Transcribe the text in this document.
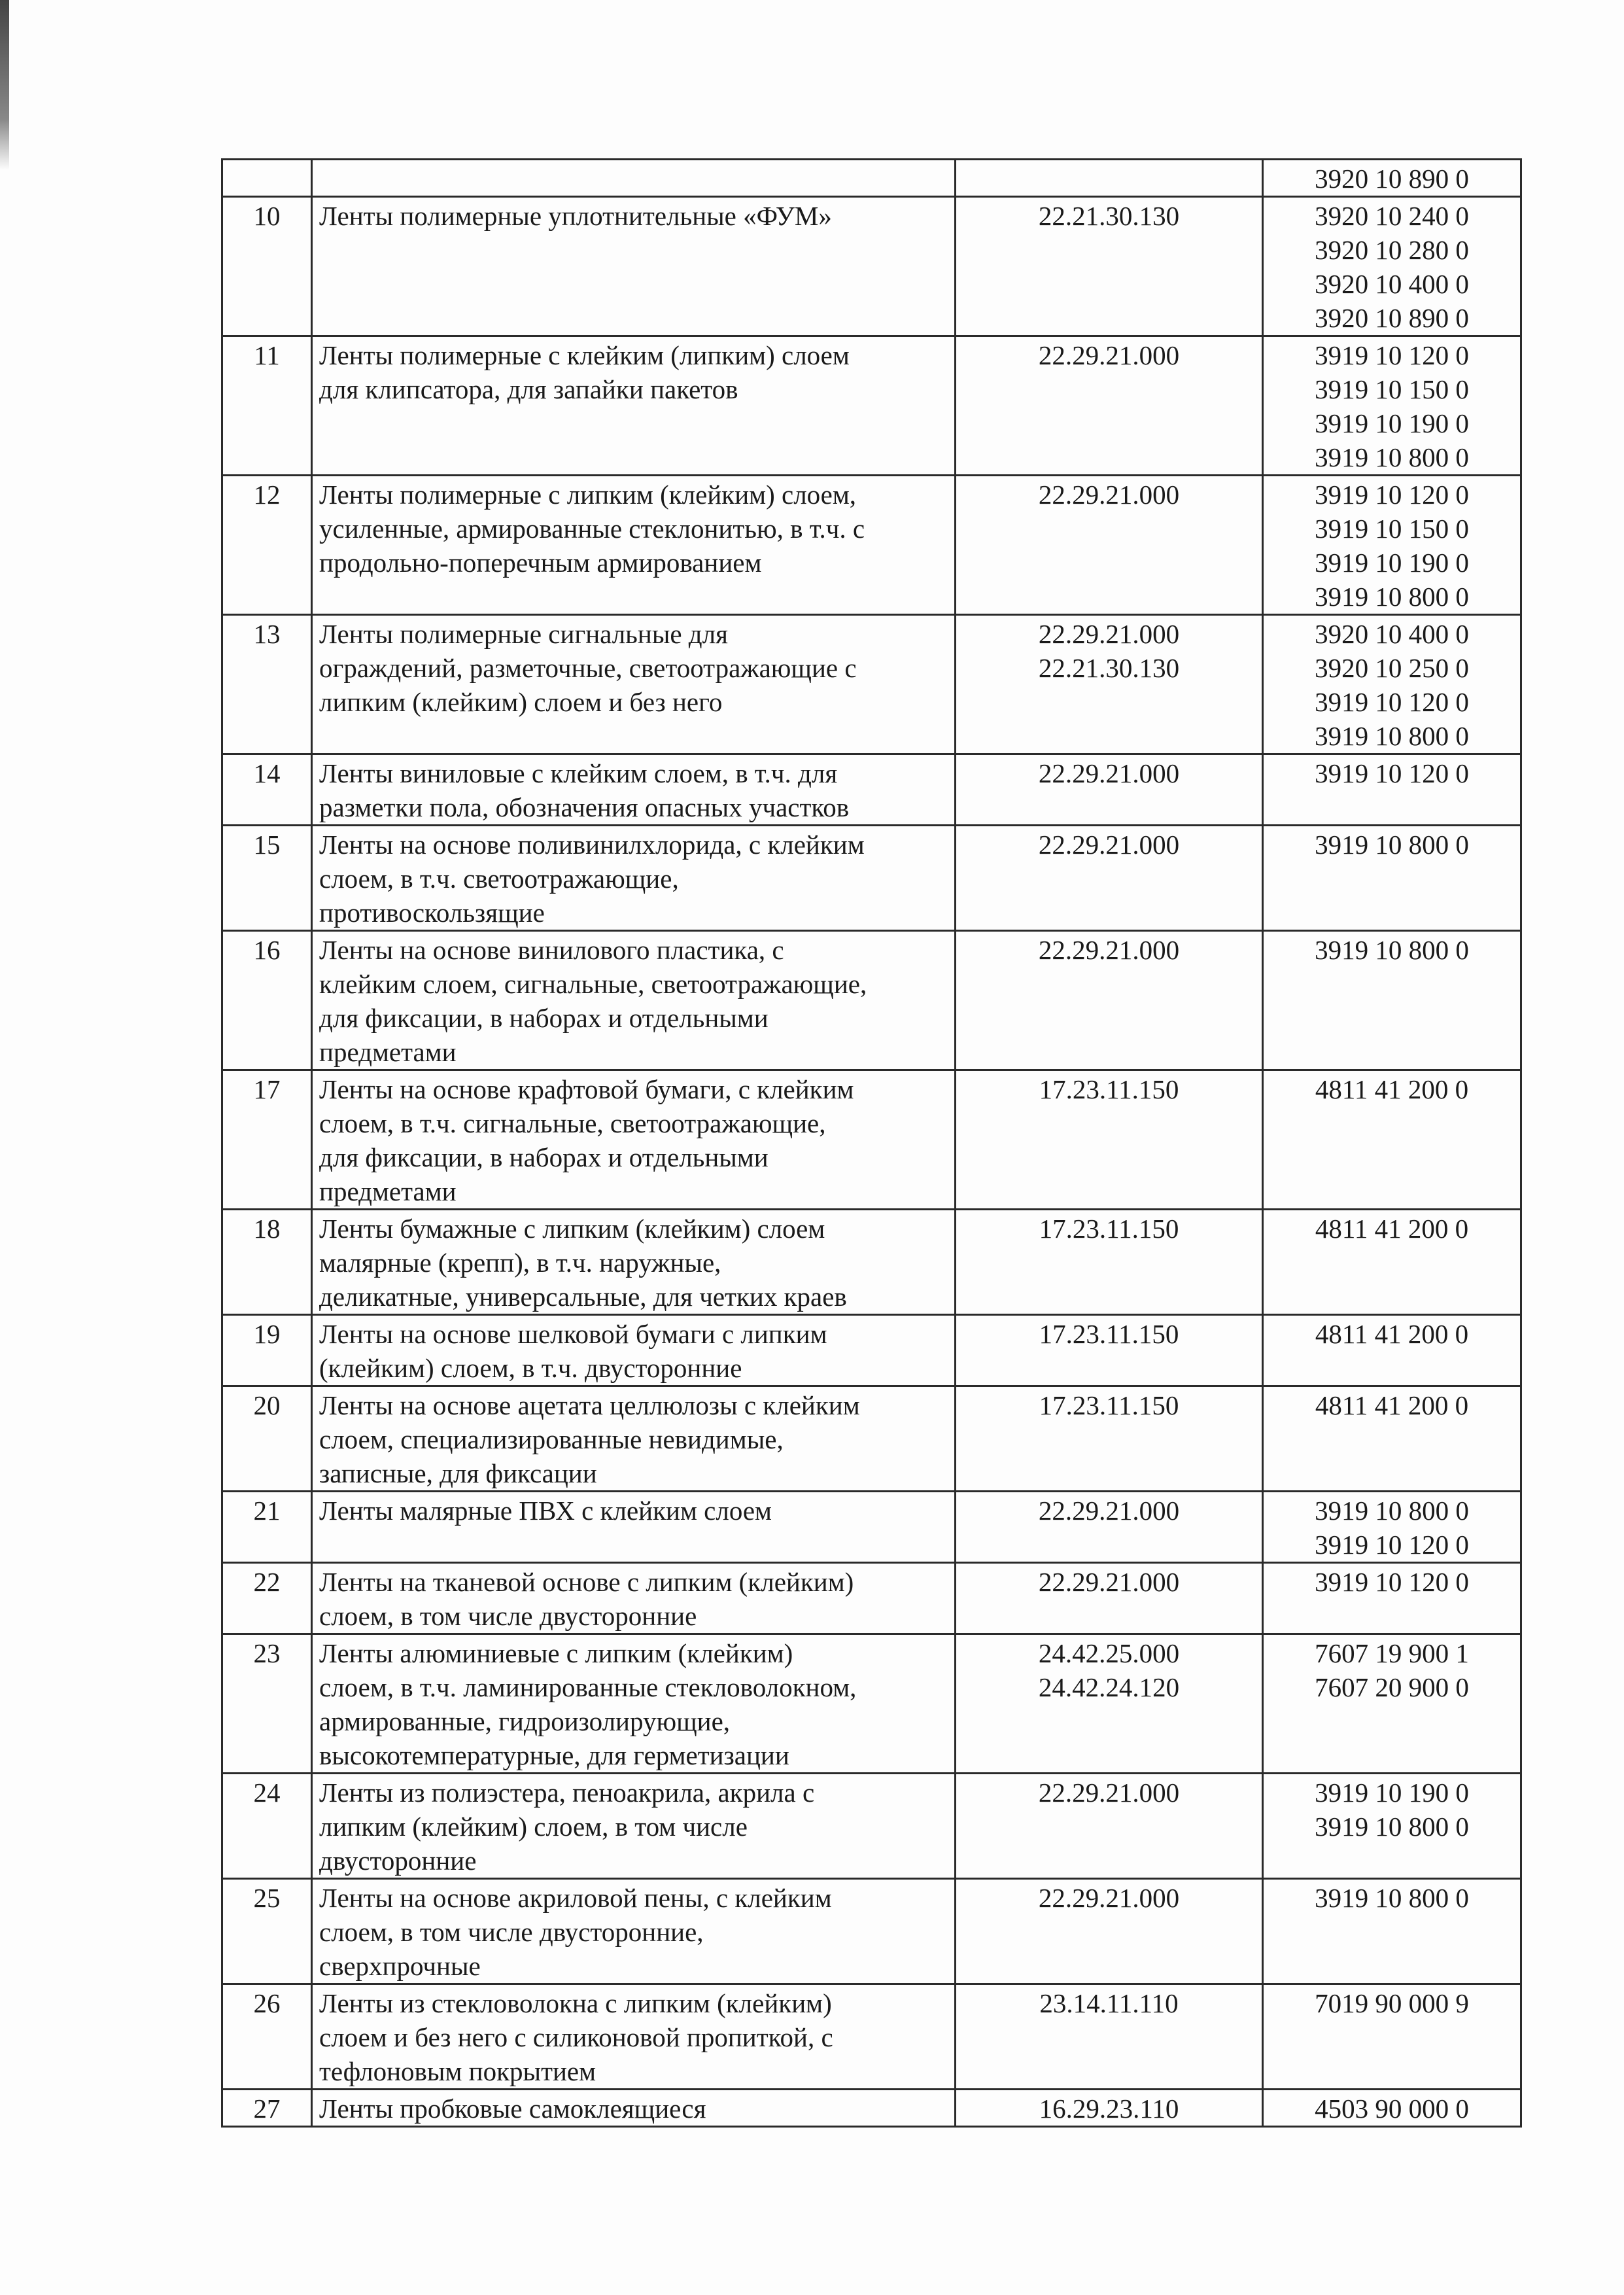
			3920 10 890 0

10	Ленты полимерные уплотнительные «ФУМ»	22.21.30.130	3920 10 240 0
3920 10 280 0
3920 10 400 0
3920 10 890 0

11	Ленты полимерные с клейким (липким) слоем
для клипсатора, для запайки пакетов	22.29.21.000	3919 10 120 0
3919 10 150 0
3919 10 190 0
3919 10 800 0

12	Ленты полимерные с липким (клейким) слоем,
усиленные, армированные стеклонитью, в т.ч. с
продольно-поперечным армированием	22.29.21.000	3919 10 120 0
3919 10 150 0
3919 10 190 0
3919 10 800 0

13	Ленты полимерные сигнальные для
ограждений, разметочные, светоотражающие с
липким (клейким) слоем и без него	22.29.21.000
22.21.30.130	3920 10 400 0
3920 10 250 0
3919 10 120 0
3919 10 800 0

14	Ленты виниловые с клейким слоем, в т.ч. для
разметки пола, обозначения опасных участков	22.29.21.000	3919 10 120 0

15	Ленты на основе поливинилхлорида, с клейким
слоем, в т.ч. светоотражающие,
противоскользящие	22.29.21.000	3919 10 800 0

16	Ленты на основе винилового пластика, с
клейким слоем, сигнальные, светоотражающие,
для фиксации, в наборах и отдельными
предметами	22.29.21.000	3919 10 800 0

17	Ленты на основе крафтовой бумаги, с клейким
слоем, в т.ч. сигнальные, светоотражающие,
для фиксации, в наборах и отдельными
предметами	17.23.11.150	4811 41 200 0

18	Ленты бумажные с липким (клейким) слоем
малярные (крепп), в т.ч. наружные,
деликатные, универсальные, для четких краев	17.23.11.150	4811 41 200 0

19	Ленты на основе шелковой бумаги с липким
(клейким) слоем, в т.ч. двусторонние	17.23.11.150	4811 41 200 0

20	Ленты на основе ацетата целлюлозы с клейким
слоем, специализированные невидимые,
записные, для фиксации	17.23.11.150	4811 41 200 0

21	Ленты малярные ПВХ с клейким слоем	22.29.21.000	3919 10 800 0
3919 10 120 0

22	Ленты на тканевой основе с липким (клейким)
слоем, в том числе двусторонние	22.29.21.000	3919 10 120 0

23	Ленты алюминиевые с липким (клейким)
слоем, в т.ч. ламинированные стекловолокном,
армированные, гидроизолирующие,
высокотемпературные, для герметизации	24.42.25.000
24.42.24.120	7607 19 900 1
7607 20 900 0

24	Ленты из полиэстера, пеноакрила, акрила с
липким (клейким) слоем, в том числе
двусторонние	22.29.21.000	3919 10 190 0
3919 10 800 0

25	Ленты на основе акриловой пены, с клейким
слоем, в том числе двусторонние,
сверхпрочные	22.29.21.000	3919 10 800 0

26	Ленты из стекловолокна с липким (клейким)
слоем и без него с силиконовой пропиткой, с
тефлоновым покрытием	23.14.11.110	7019 90 000 9

27	Ленты пробковые самоклеящиеся	16.29.23.110	4503 90 000 0
